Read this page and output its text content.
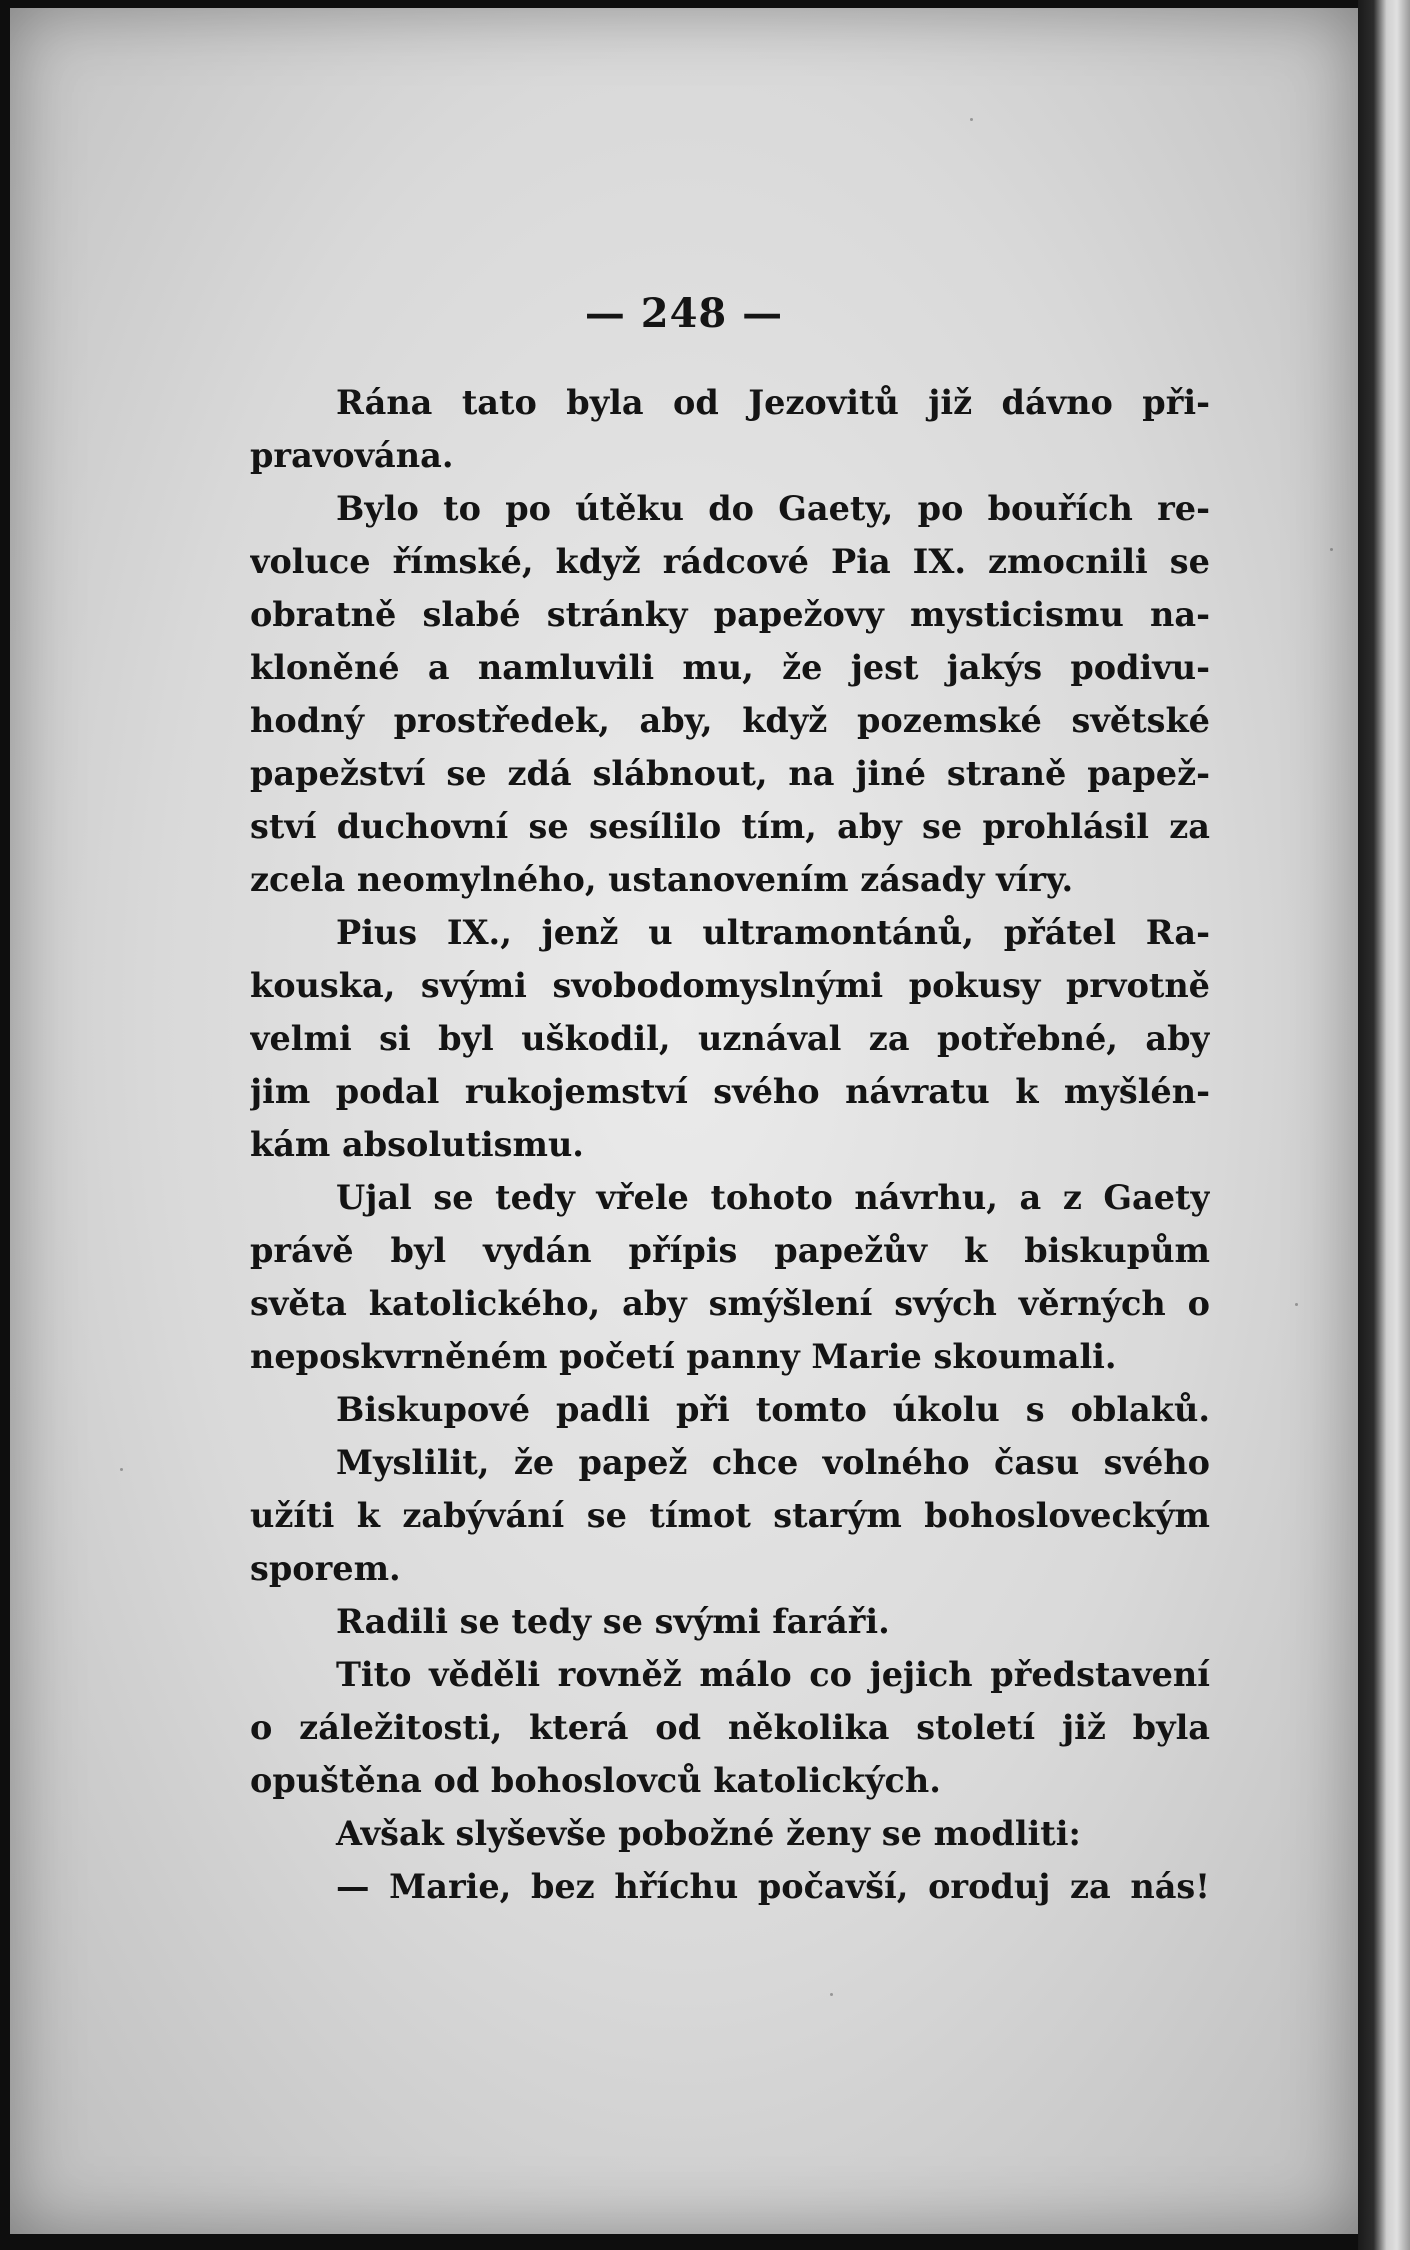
— 248 —
Rána tato byla od Jezovitů již dávno při-
pravována.
Bylo to po útěku do Gaety, po bouřích re-
voluce římské, když rádcové Pia IX. zmocnili se
obratně slabé stránky papežovy mysticismu na-
kloněné a namluvili mu, že jest jakýs podivu-
hodný prostředek, aby, když pozemské světské
papežství se zdá slábnout, na jiné straně papež-
ství duchovní se sesílilo tím, aby se prohlásil za
zcela neomylného, ustanovením zásady víry.
Pius IX., jenž u ultramontánů, přátel Ra-
kouska, svými svobodomyslnými pokusy prvotně
velmi si byl uškodil, uznával za potřebné, aby
jim podal rukojemství svého návratu k myšlén-
kám absolutismu.
Ujal se tedy vřele tohoto návrhu, a z Gaety
právě byl vydán přípis papežův k biskupům
světa katolického, aby smýšlení svých věrných o
neposkvrněném početí panny Marie skoumali.
Biskupové padli při tomto úkolu s oblaků.
Myslilit, že papež chce volného času svého
užíti k zabývání se tímot starým bohosloveckým
sporem.
Radili se tedy se svými faráři.
Tito věděli rovněž málo co jejich představení
o záležitosti, která od několika století již byla
opuštěna od bohoslovců katolických.
Avšak slyševše pobožné ženy se modliti:
— Marie, bez hříchu počavší, oroduj za nás!
